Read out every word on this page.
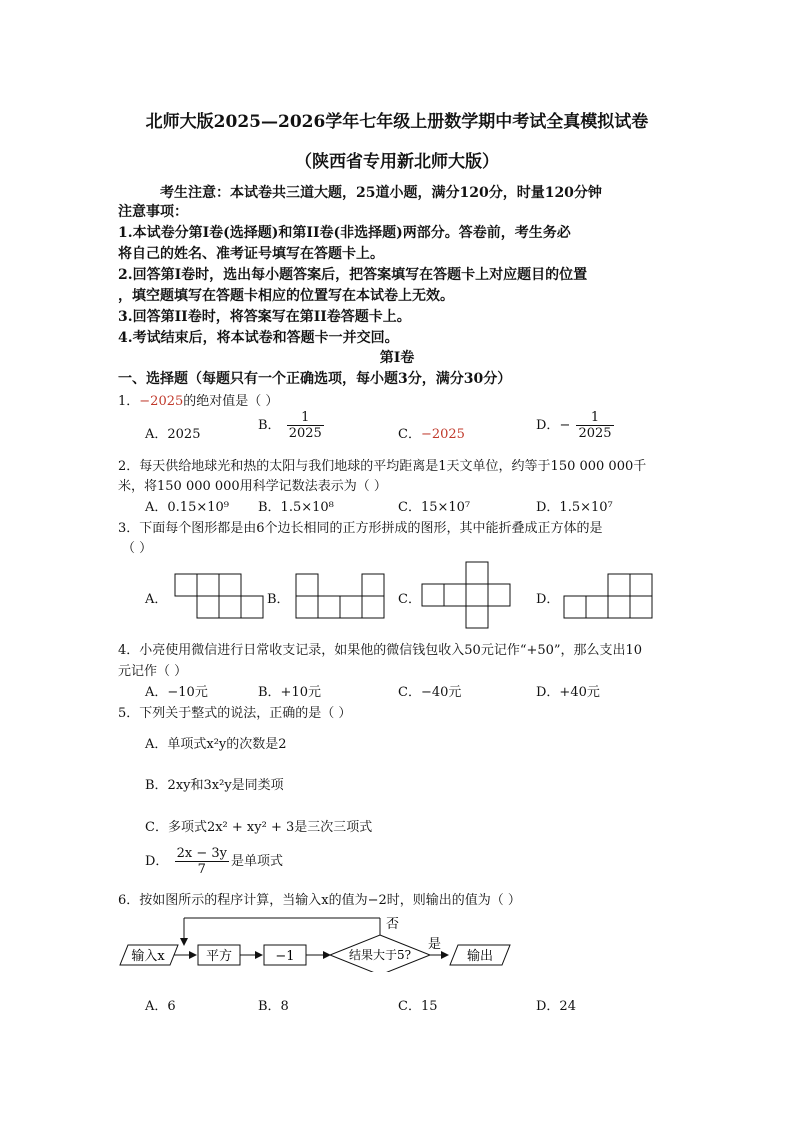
北师大版2025—2026学年七年级上册数学期中考试全真模拟试卷
（陕西省专用新北师大版）
考生注意：本试卷共三道大题，25道小题，满分120分，时量120分钟
注意事项：
1.本试卷分第Ⅰ卷(选择题)和第II卷(非选择题)两部分。答卷前，考生务必
将自己的姓名、准考证号填写在答题卡上。
2.回答第Ⅰ卷时，选出每小题答案后，把答案填写在答题卡上对应题目的位置
，填空题填写在答题卡相应的位置写在本试卷上无效。
3.回答第II卷时，将答案写在第II卷答题卡上。
4.考试结束后，将本试卷和答题卡一并交回。
第Ⅰ卷
一、选择题（每题只有一个正确选项，每小题3分，满分30分）
1．−2025的绝对值是（ ）
A．2025
B． $\frac{1}{2025}$	C．−2025
D．− $\frac{1}{2025}$
2．每天供给地球光和热的太阳与我们地球的平均距离是1天文单位，约等于150 000 000千
米，将150 000 000用科学记数法表示为（ ）
A．0.15×10⁹ B．1.5×10⁸	C．15×10⁷	D．1.5×10⁷
3．下面每个图形都是由6个边长相同的正方形拼成的图形，其中能折叠成正方体的是
（ ）
A．	B．	C．	D．
4．小亮使用微信进行日常收支记录，如果他的微信钱包收入50元记作“+50”，那么支出10
元记作（ ）
A．−10元	B．+10元	C．−40元	D．+40元
5．下列关于整式的说法，正确的是（ ）
A．单项式x²y的次数是2
B．2xy和3x²y是同类项
C．多项式2x² + xy² + 3是三次三项式
D． $\frac{2x - 3y}{7}$ 是单项式
6．按如图所示的程序计算，当输入x的值为−2时，则输出的值为（ ）
输入x	平方	−1	结果大于5?
否
是
输出
A．6	B．8	C．15	D．24
